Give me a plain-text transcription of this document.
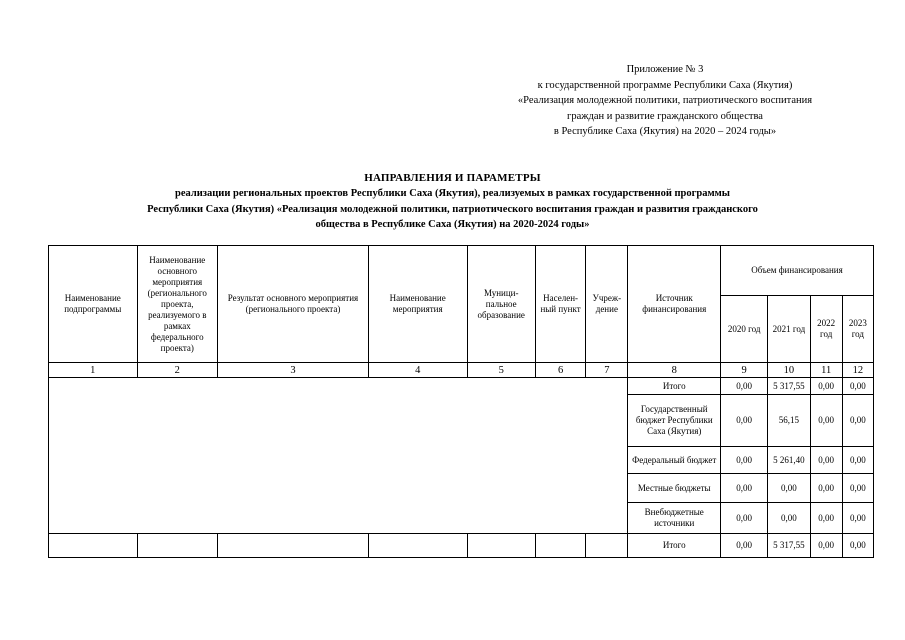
Приложение № 3
к государственной программе Республики Саха (Якутия)
«Реализация молодежной политики, патриотического воспитания
граждан и развитие гражданского общества
в Республике Саха (Якутия) на 2020 – 2024 годы»
НАПРАВЛЕНИЯ И ПАРАМЕТРЫ
реализации региональных проектов Республики Саха (Якутия), реализуемых в рамках государственной программы
Республики Саха (Якутия) «Реализация молодежной политики, патриотического воспитания граждан и развития гражданского
общества в Республике Саха (Якутия) на 2020-2024 годы»
Наименование подпрограммы	Наименование основного мероприятия (регионального проекта, реализуемого в рамках федерального проекта)	Результат основного мероприятия (регионального проекта)	Наименование мероприятия	Муници-пальное образование	Населен-ный пункт	Учреж-дение	Источник финансирования	Объем финансирования			
								2020 год	2021 год	2022 год	2023 год
1	2	3	4	5	6	7	8	9	10	11	12
							Итого	0,00	5 317,55	0,00	0,00
							Государственный бюджет Республики Саха (Якутия)	0,00	56,15	0,00	0,00
							Федеральный бюджет	0,00	5 261,40	0,00	0,00
							Местные бюджеты	0,00	0,00	0,00	0,00
							Внебюджетные источники	0,00	0,00	0,00	0,00
							Итого	0,00	5 317,55	0,00	0,00
